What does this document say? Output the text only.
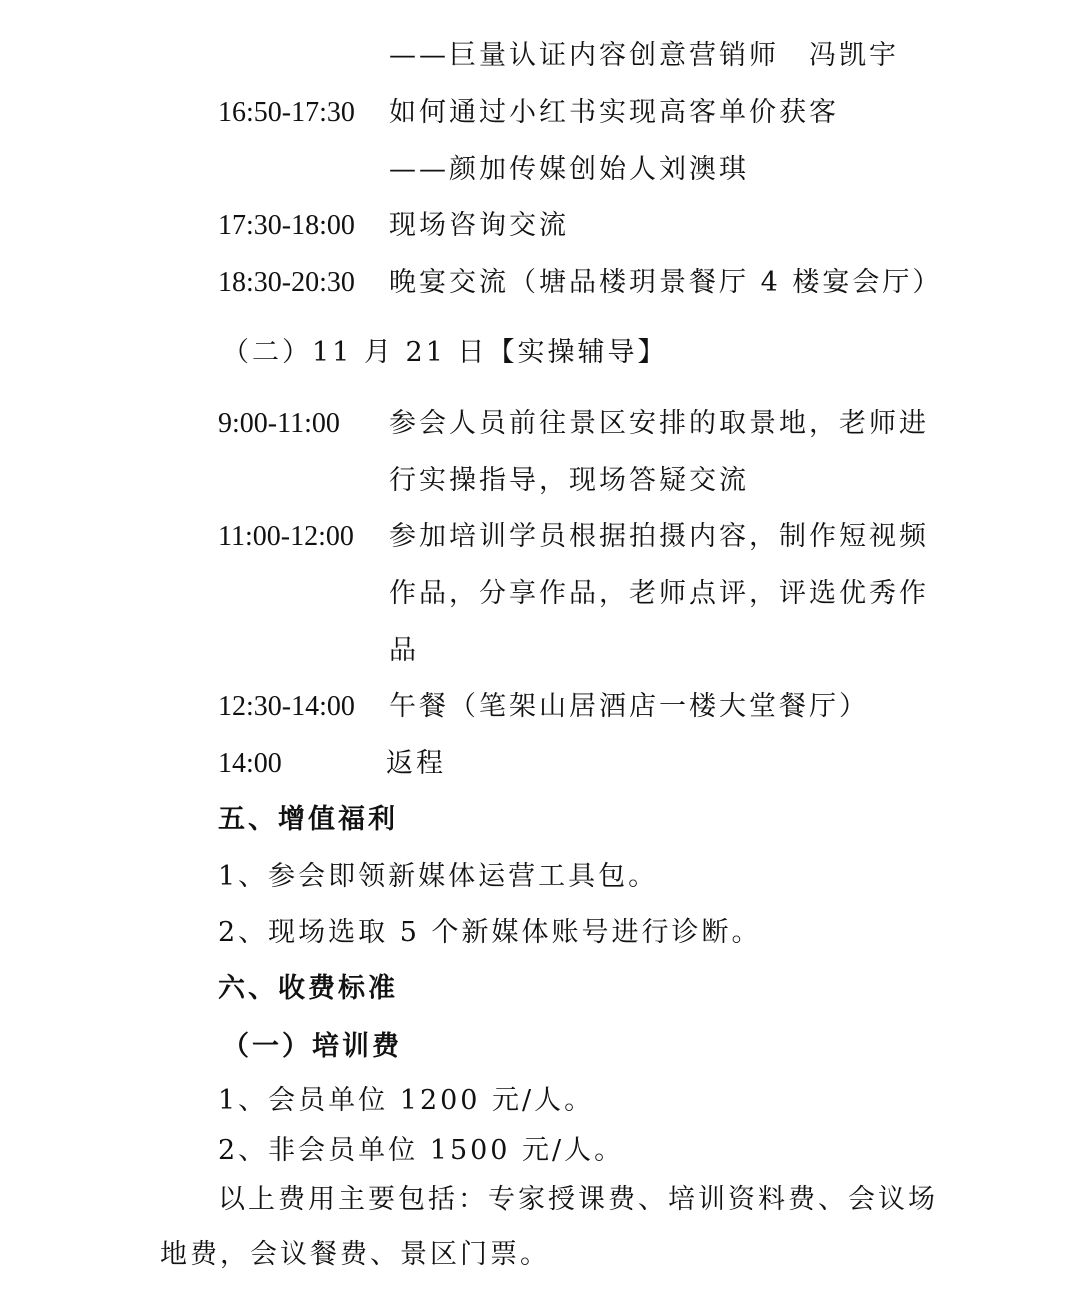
——巨量认证内容创意营销师　冯凯宇
16:50-17:30 如何通过小红书实现高客单价获客
——颜加传媒创始人刘澳琪
17:30-18:00 现场咨询交流
18:30-20:30 晚宴交流（塘品楼玥景餐厅 4 楼宴会厅）
（二）11 月 21 日【实操辅导】
9:00-11:00 参会人员前往景区安排的取景地，老师进
行实操指导，现场答疑交流
11:00-12:00 参加培训学员根据拍摄内容，制作短视频
作品，分享作品，老师点评，评选优秀作
品
12:30-14:00 午餐（笔架山居酒店一楼大堂餐厅）
14:00	返程
五、增值福利
1、参会即领新媒体运营工具包。
2、现场选取 5 个新媒体账号进行诊断。
六、收费标准
（一）培训费
1、会员单位 1200 元/人。
2、非会员单位 1500 元/人。
以上费用主要包括：专家授课费、培训资料费、会议场
地费，会议餐费、景区门票。
